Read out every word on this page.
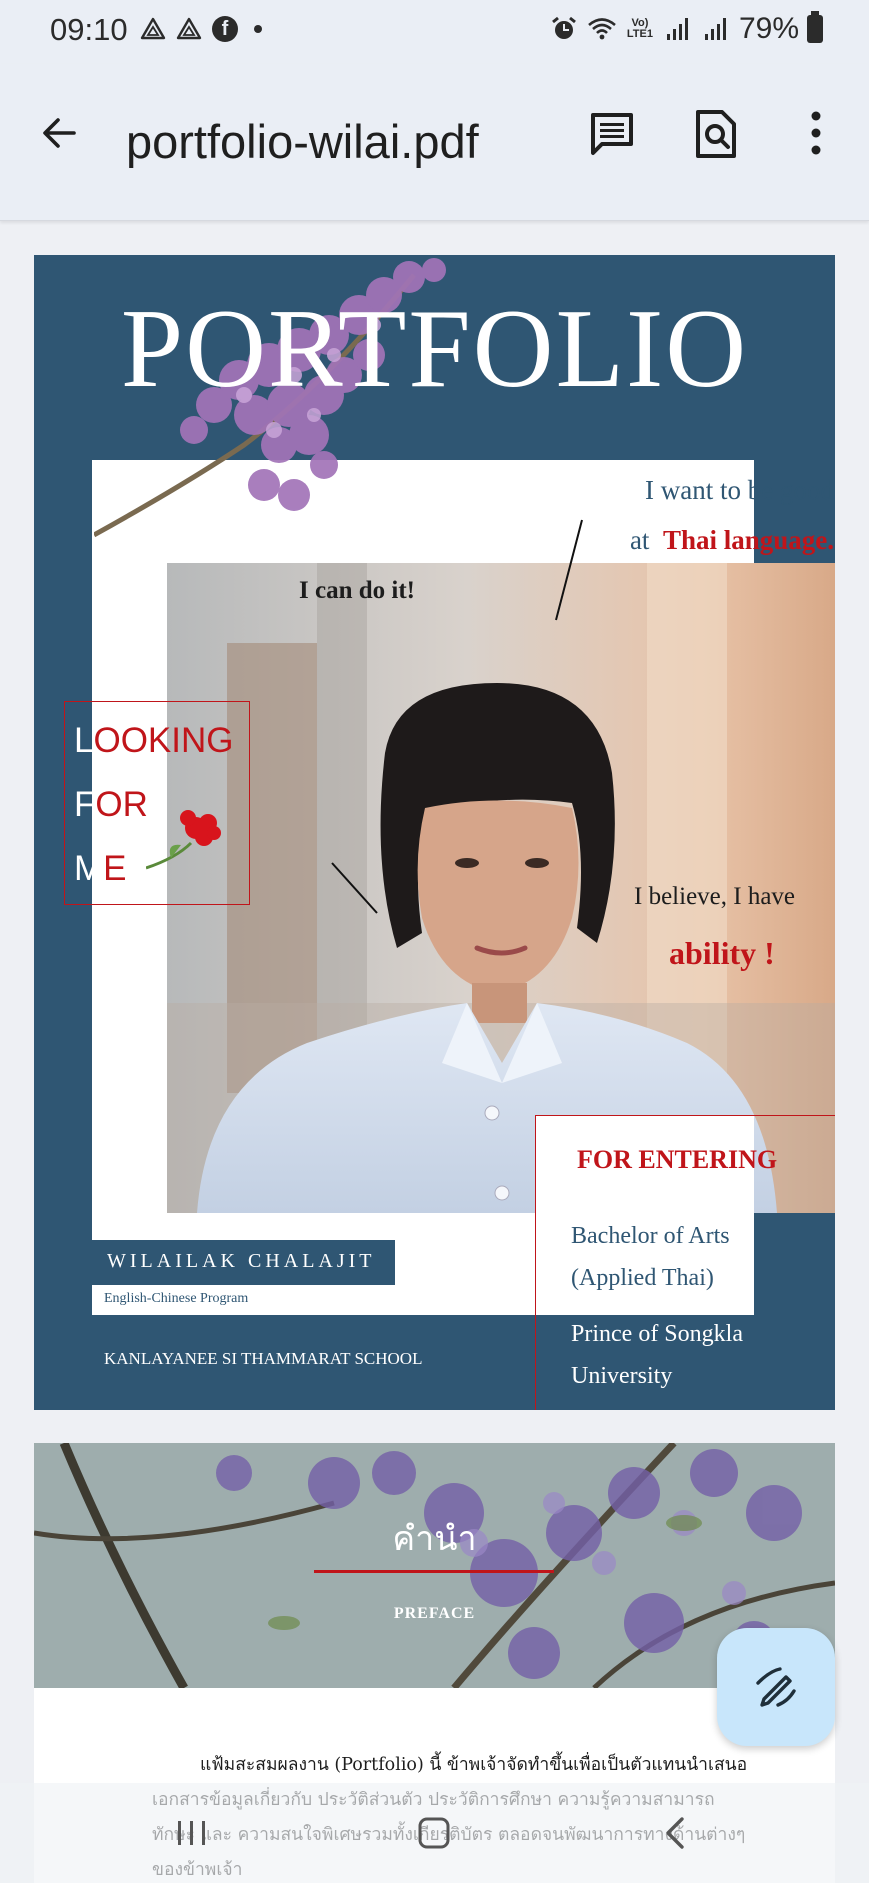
09:10	f	Vo)
LTE1	79%
portfolio-wilai.pdf
PORTFOLIO
I want to be good
at Thai language.
I can do it!
LOOKING
FOR
ME
I believe, I have
ability !
FOR ENTERING
Bachelor of Arts
(Applied Thai)
Prince of Songkla
University
WILAILAK CHALAJIT
English-Chinese Program
KANLAYANEE SI THAMMARAT SCHOOL
คำนำ
PREFACE
แฟ้มสะสมผลงาน (Portfolio) นี้ ข้าพเจ้าจัดทำขึ้นเพื่อเป็นตัวแทนนำเสนอ
